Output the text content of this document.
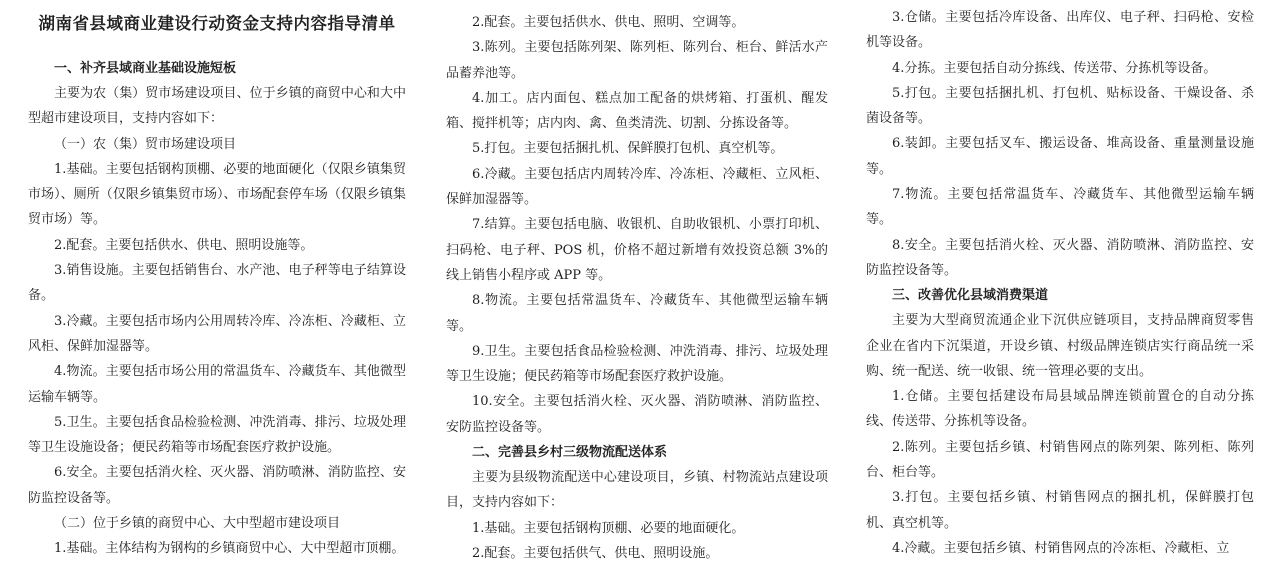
湖南省县域商业建设行动资金支持内容指导清单
一、补齐县域商业基础设施短板

主要为农（集）贸市场建设项目、位于乡镇的商贸中心和大中型超市建设项目，支持内容如下：

（一）农（集）贸市场建设项目

1.基础。主要包括钢构顶棚、必要的地面硬化（仅限乡镇集贸市场）、厕所（仅限乡镇集贸市场）、市场配套停车场（仅限乡镇集贸市场）等。

2.配套。主要包括供水、供电、照明设施等。

3.销售设施。主要包括销售台、水产池、电子秤等电子结算设备。

3.冷藏。主要包括市场内公用周转冷库、冷冻柜、冷藏柜、立风柜、保鲜加湿器等。

4.物流。主要包括市场公用的常温货车、冷藏货车、其他微型运输车辆等。

5.卫生。主要包括食品检验检测、冲洗消毒、排污、垃圾处理等卫生设施设备；便民药箱等市场配套医疗救护设施。

6.安全。主要包括消火栓、灭火器、消防喷淋、消防监控、安防监控设备等。

（二）位于乡镇的商贸中心、大中型超市建设项目

1.基础。主体结构为钢构的乡镇商贸中心、大中型超市顶棚。

2.配套。主要包括供水、供电、照明、空调等。

3.陈列。主要包括陈列架、陈列柜、陈列台、柜台、鲜活水产品蓄养池等。

4.加工。店内面包、糕点加工配备的烘烤箱、打蛋机、醒发箱、搅拌机等；店内肉、禽、鱼类清洗、切割、分拣设备等。

5.打包。主要包括捆扎机、保鲜膜打包机、真空机等。

6.冷藏。主要包括店内周转冷库、冷冻柜、冷藏柜、立风柜、保鲜加湿器等。

7.结算。主要包括电脑、收银机、自助收银机、小票打印机、扫码枪、电子秤、POS 机，价格不超过新增有效投资总额 3%的线上销售小程序或 APP 等。

8.物流。主要包括常温货车、冷藏货车、其他微型运输车辆等。

9.卫生。主要包括食品检验检测、冲洗消毒、排污、垃圾处理等卫生设施；便民药箱等市场配套医疗救护设施。

10.安全。主要包括消火栓、灭火器、消防喷淋、消防监控、安防监控设备等。

二、完善县乡村三级物流配送体系

主要为县级物流配送中心建设项目，乡镇、村物流站点建设项目，支持内容如下：

1.基础。主要包括钢构顶棚、必要的地面硬化。

2.配套。主要包括供气、供电、照明设施。

3.仓储。主要包括冷库设备、出库仪、电子秤、扫码枪、安检机等设备。

4.分拣。主要包括自动分拣线、传送带、分拣机等设备。

5.打包。主要包括捆扎机、打包机、贴标设备、干燥设备、杀菌设备等。

6.装卸。主要包括叉车、搬运设备、堆高设备、重量测量设施等。

7.物流。主要包括常温货车、冷藏货车、其他微型运输车辆等。

8.安全。主要包括消火栓、灭火器、消防喷淋、消防监控、安防监控设备等。

三、改善优化县域消费渠道

主要为大型商贸流通企业下沉供应链项目，支持品牌商贸零售企业在省内下沉渠道，开设乡镇、村级品牌连锁店实行商品统一采购、统一配送、统一收银、统一管理必要的支出。

1.仓储。主要包括建设布局县域品牌连锁前置仓的自动分拣线、传送带、分拣机等设备。

2.陈列。主要包括乡镇、村销售网点的陈列架、陈列柜、陈列台、柜台等。

3.打包。主要包括乡镇、村销售网点的捆扎机，保鲜膜打包机、真空机等。

4.冷藏。主要包括乡镇、村销售网点的冷冻柜、冷藏柜、立
